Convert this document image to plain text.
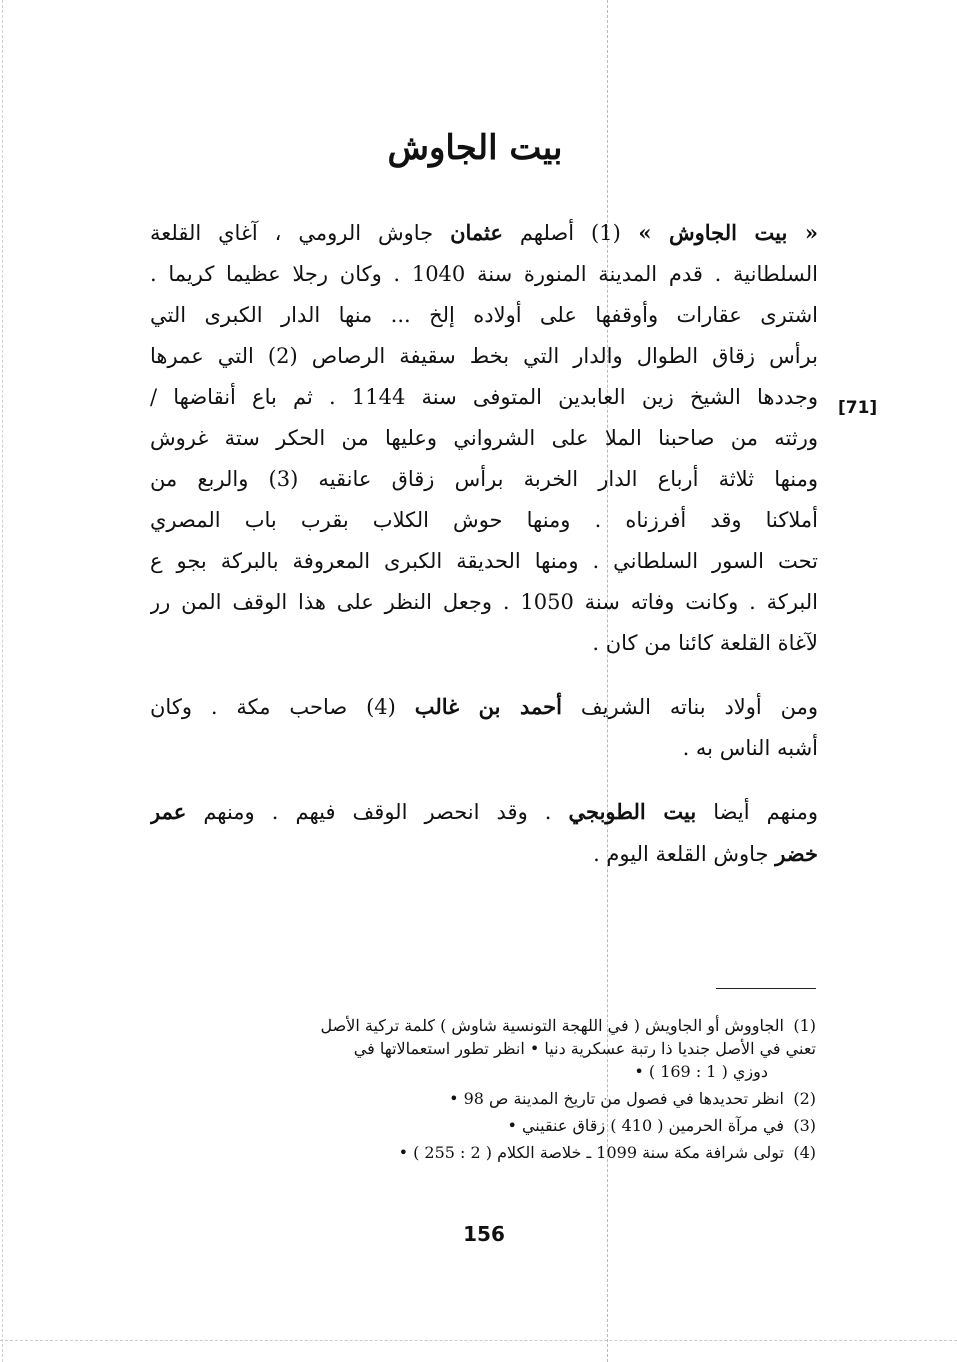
بيت الجاوش
[71]

« بيت الجاوش » (1) أصلهم عثمان جاوش الرومي ، آغاي القلعة
السلطانية . قدم المدينة المنورة سنة 1040 . وكان رجلا عظيما كريما .
اشترى عقارات وأوقفها على أولاده إلخ ... منها الدار الكبرى التي
برأس زقاق الطوال والدار التي بخط سقيفة الرصاص (2) التي عمرها
وجددها الشيخ زين العابدين المتوفى سنة 1144 . ثم باع أنقاضها /
ورثته من صاحبنا الملا على الشرواني وعليها من الحكر ستة غروش
ومنها ثلاثة أرباع الدار الخربة برأس زقاق عانقيه (3) والربع من
أملاكنا وقد أفرزناه . ومنها حوش الكلاب بقرب باب المصري
تحت السور السلطاني . ومنها الحديقة الكبرى المعروفة بالبركة بجو ع
البركة . وكانت وفاته سنة 1050 . وجعل النظر على هذا الوقف المن رر
لآغاة القلعة كائنا من كان .

ومن أولاد بناته الشريف أحمد بن غالب (4) صاحب مكة . وكان
أشبه الناس به .

ومنهم أيضا بيت الطوبجي . وقد انحصر الوقف فيهم . ومنهم عمر
خضر جاوش القلعة اليوم .

(1)الجاووش أو الجاويش ( في اللهجة التونسية شاوش ) كلمة تركية الأصل
تعني في الأصل جنديا ذا رتبة عسكرية دنيا • انظر تطور استعمالاتها في
دوزي ( 1 : 169 ) •
(2)انظر تحديدها في فصول من تاريخ المدينة ص 98 •
(3)في مرآة الحرمين ( 410 ) زقاق عنقيني •
(4)تولى شرافة مكة سنة 1099 ـ خلاصة الكلام ( 2 : 255 ) •
156
